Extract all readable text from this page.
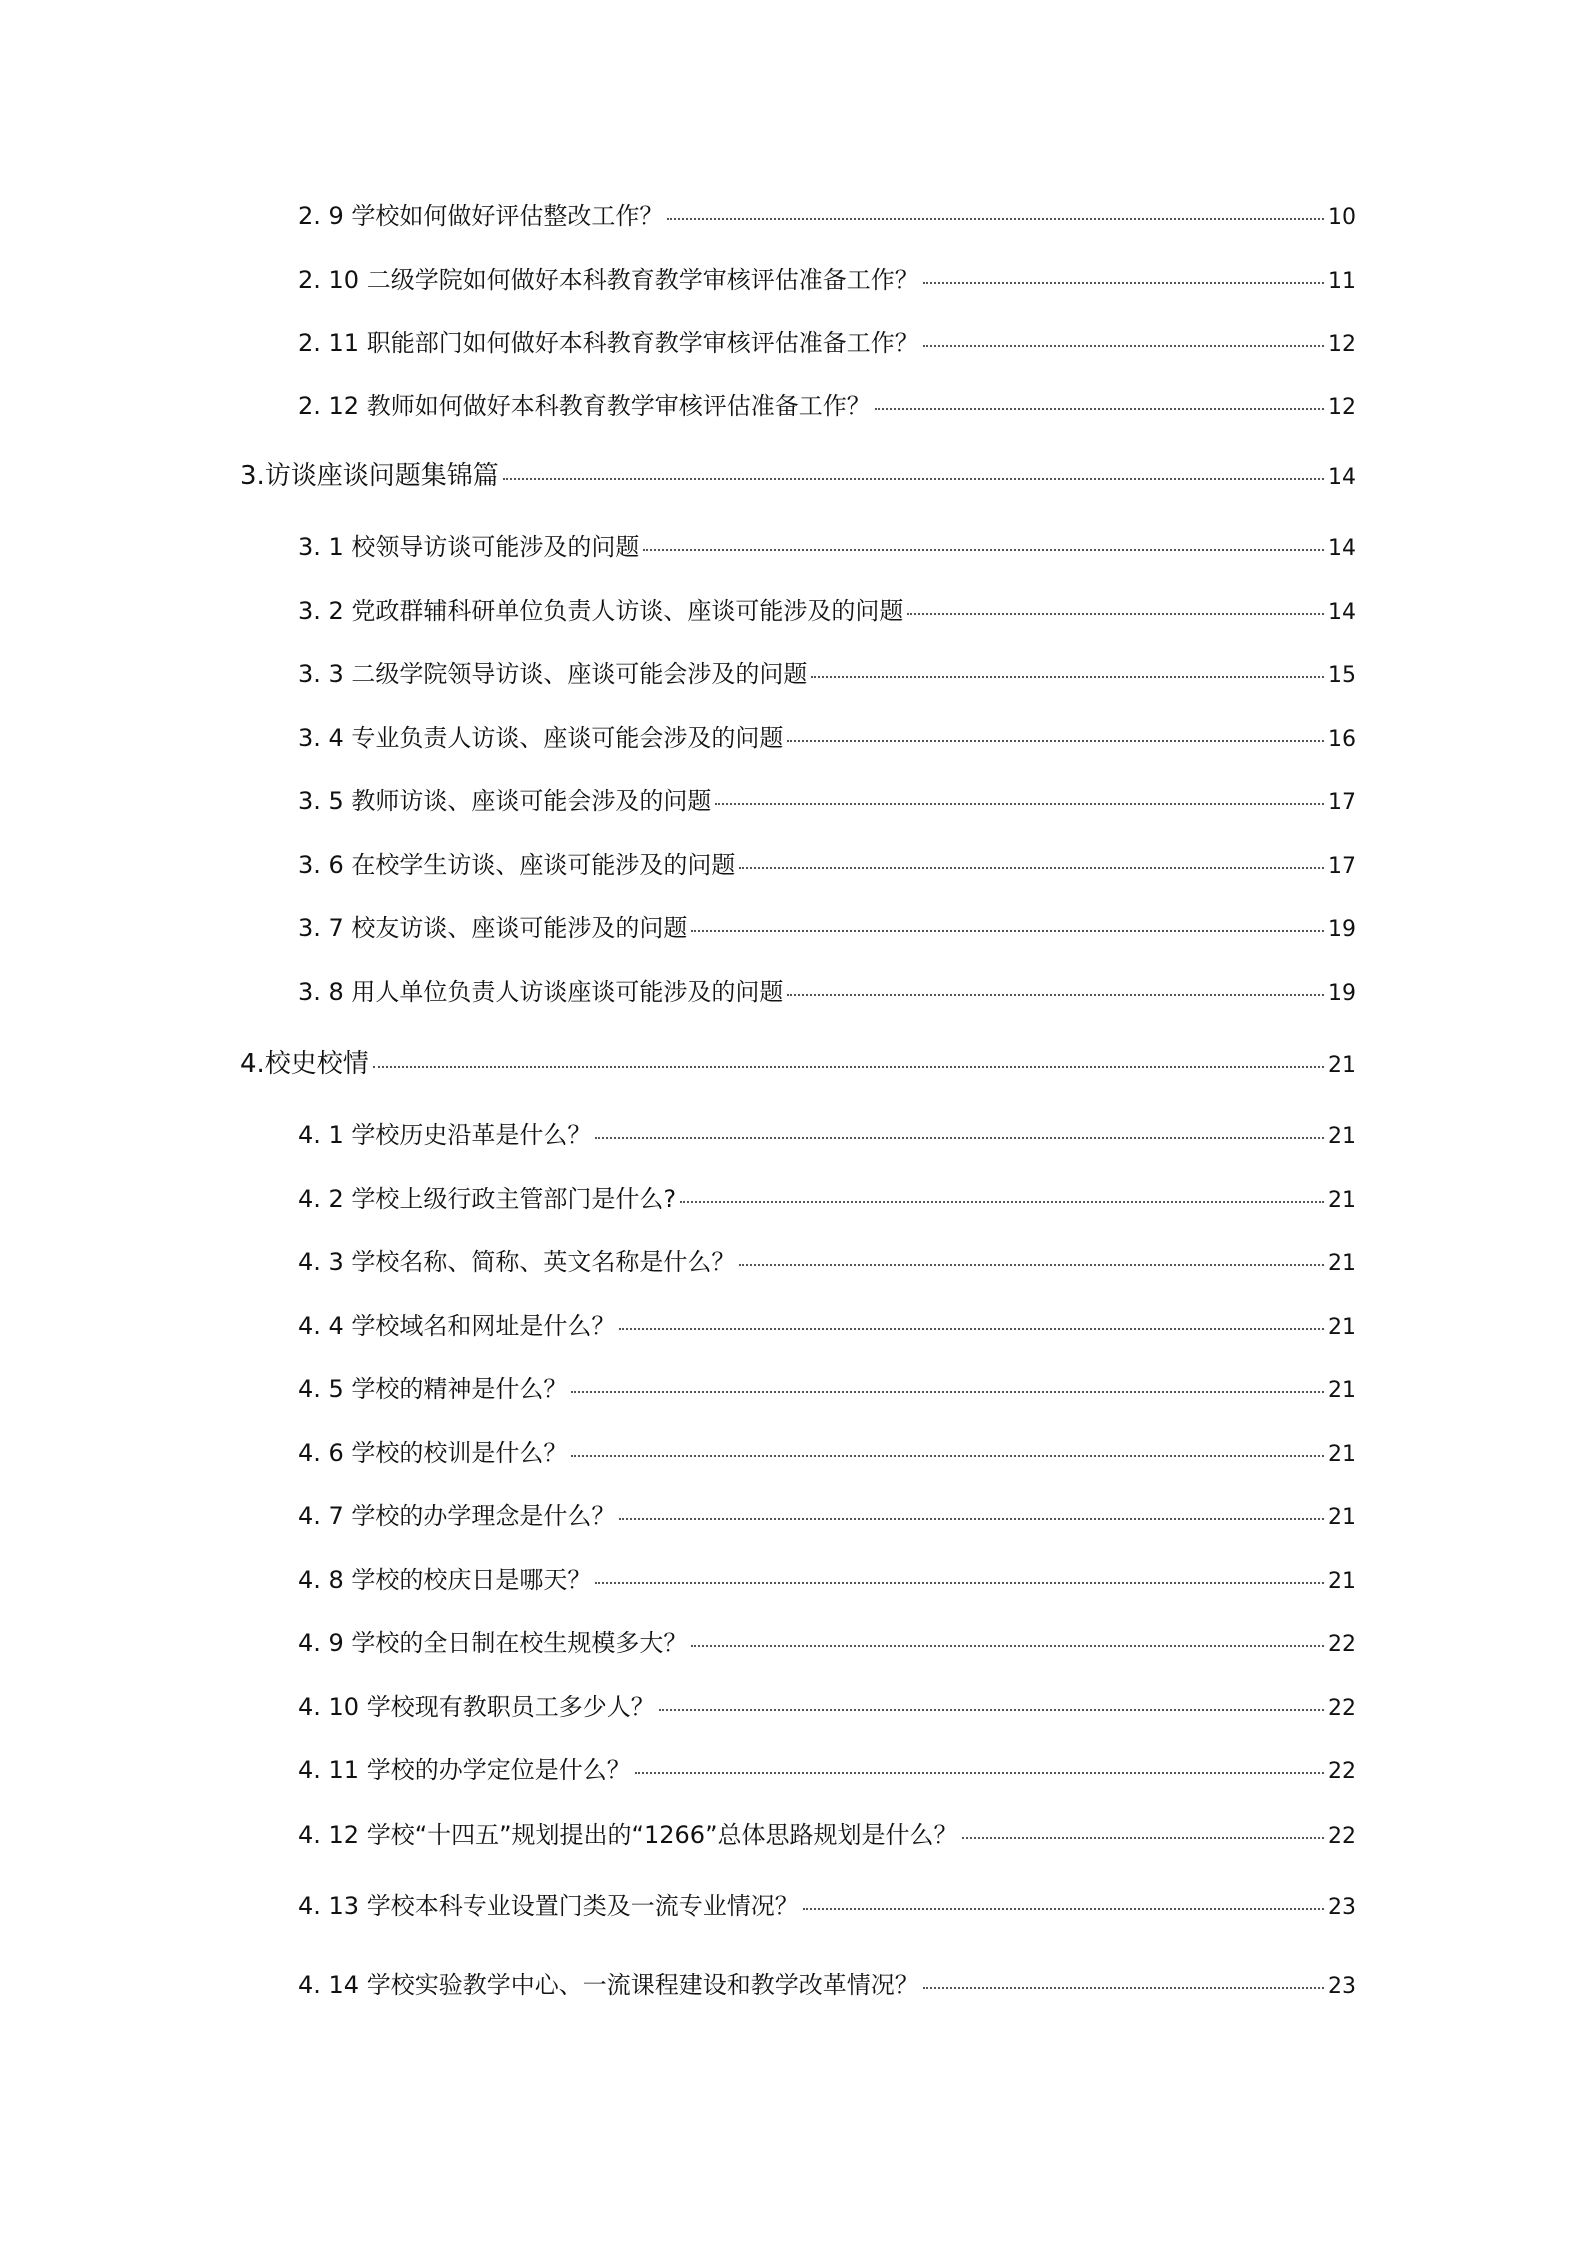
2. 9 学校如何做好评估整改工作？	10
2. 10 二级学院如何做好本科教育教学审核评估准备工作？	11
2. 11 职能部门如何做好本科教育教学审核评估准备工作？	12
2. 12 教师如何做好本科教育教学审核评估准备工作？	12
3.访谈座谈问题集锦篇	14
3. 1 校领导访谈可能涉及的问题	14
3. 2 党政群辅科研单位负责人访谈、座谈可能涉及的问题	14
3. 3 二级学院领导访谈、座谈可能会涉及的问题	15
3. 4 专业负责人访谈、座谈可能会涉及的问题	16
3. 5 教师访谈、座谈可能会涉及的问题	17
3. 6 在校学生访谈、座谈可能涉及的问题	17
3. 7 校友访谈、座谈可能涉及的问题	19
3. 8 用人单位负责人访谈座谈可能涉及的问题	19
4.校史校情	21
4. 1 学校历史沿革是什么？	21
4. 2 学校上级行政主管部门是什么?	21
4. 3 学校名称、简称、英文名称是什么？	21
4. 4 学校域名和网址是什么？	21
4. 5 学校的精神是什么？	21
4. 6 学校的校训是什么？	21
4. 7 学校的办学理念是什么？	21
4. 8 学校的校庆日是哪天？	21
4. 9 学校的全日制在校生规模多大？	22
4. 10 学校现有教职员工多少人？	22
4. 11 学校的办学定位是什么？	22
4. 12 学校“十四五”规划提出的“1266”总体思路规划是什么？	22
4. 13 学校本科专业设置门类及一流专业情况？	23
4. 14 学校实验教学中心、一流课程建设和教学改革情况？	23
